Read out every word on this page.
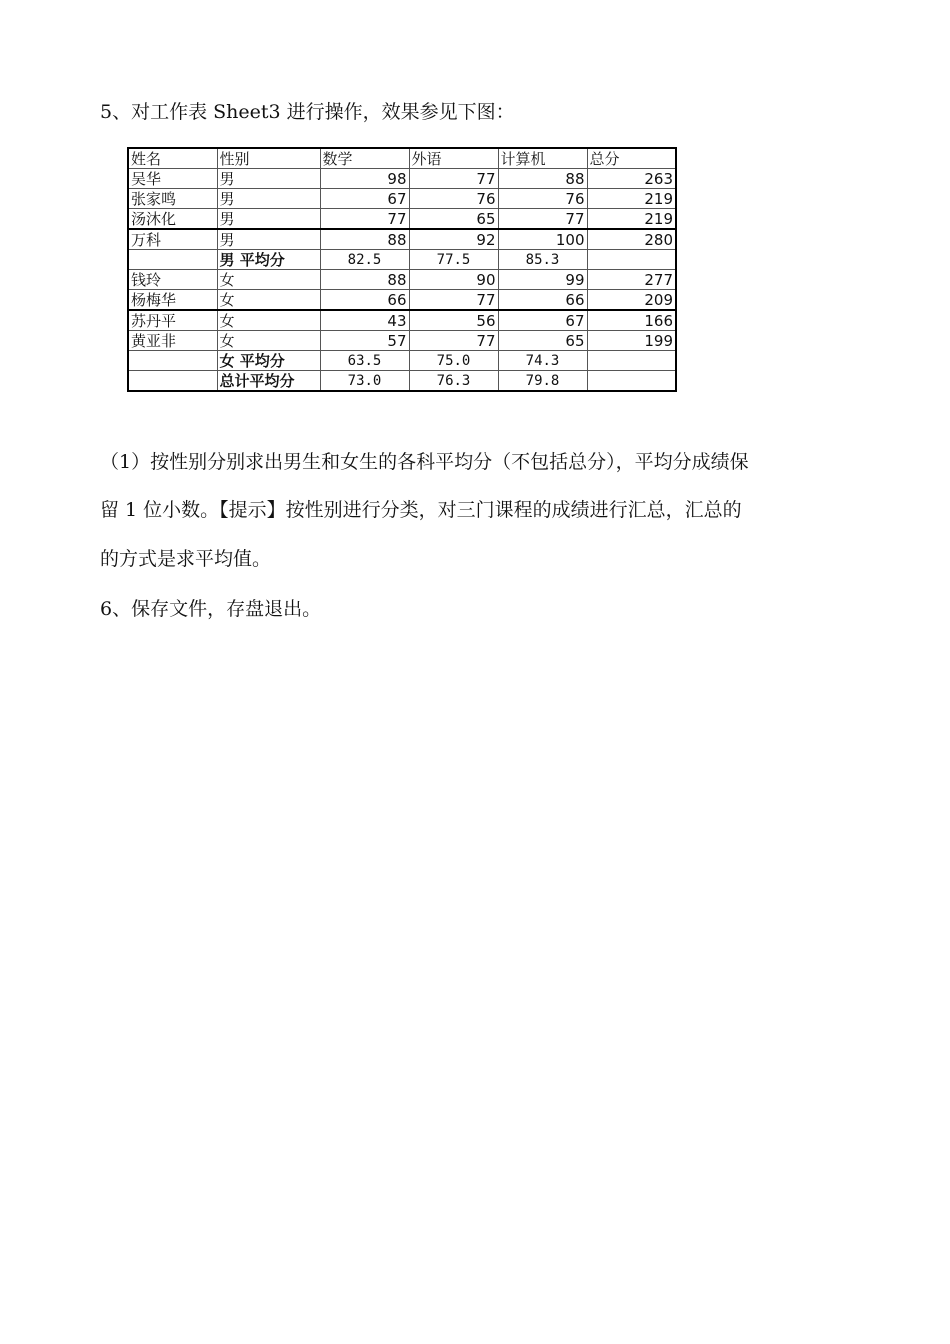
5、对工作表 Sheet3 进行操作，效果参见下图：
姓名	性别	数学	外语	计算机	总分
吴华	男	98	77	88	263
张家鸣	男	67	76	76	219
汤沐化	男	77	65	77	219
万科	男	88	92	100	280
	男 平均分	82.5	77.5	85.3	
钱玲	女	88	90	99	277
杨梅华	女	66	77	66	209
苏丹平	女	43	56	67	166
黄亚非	女	57	77	65	199
	女 平均分	63.5	75.0	74.3	
	总计平均分	73.0	76.3	79.8	
（1）按性别分别求出男生和女生的各科平均分（不包括总分），平均分成绩保
留 1 位小数。【提示】按性别进行分类，对三门课程的成绩进行汇总，汇总的
的方式是求平均值。
6、保存文件，存盘退出。
